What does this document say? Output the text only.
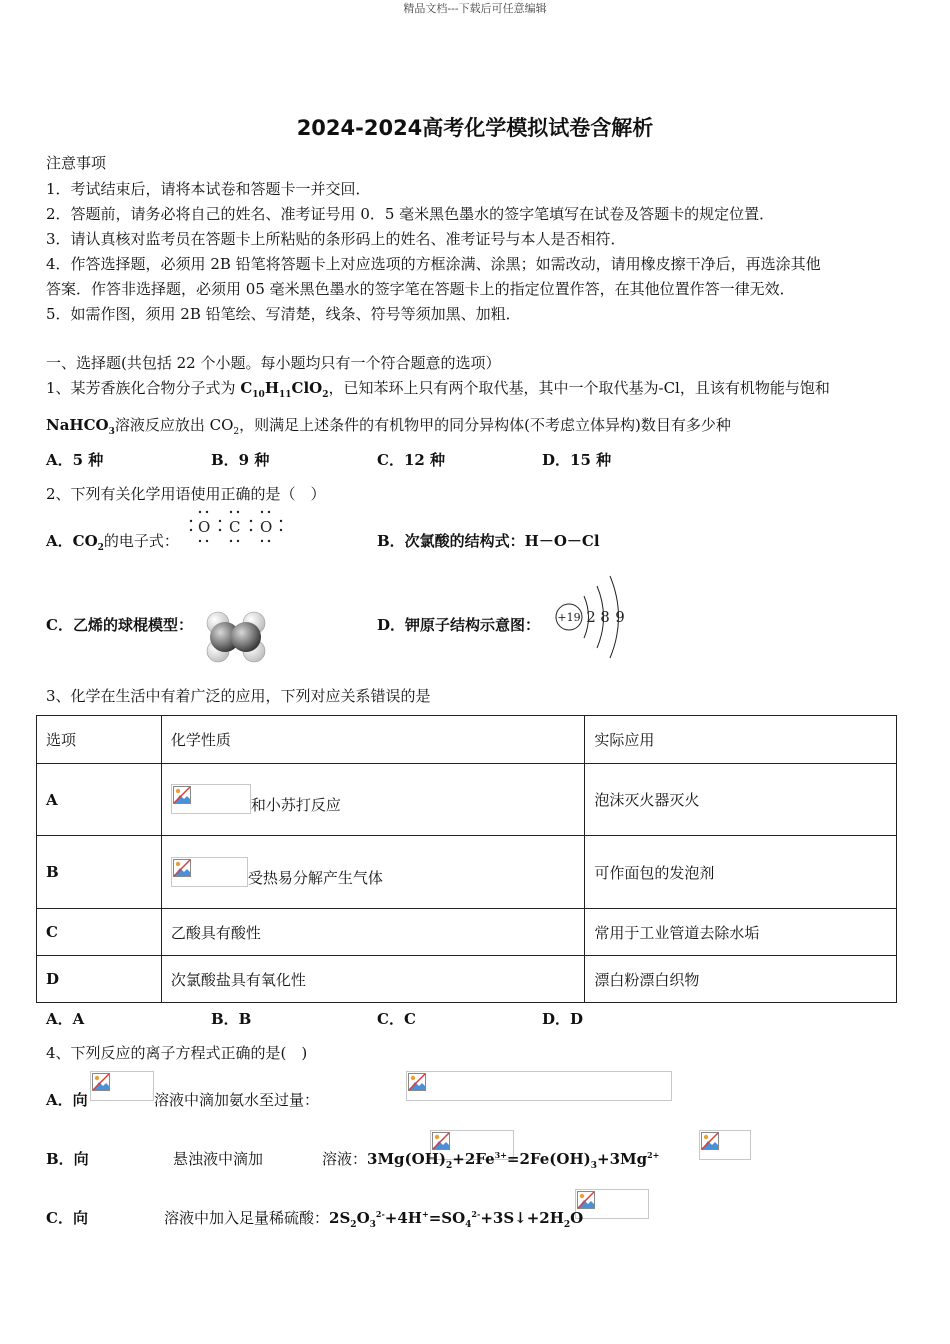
精品文档---下载后可任意编辑
2024-2024高考化学模拟试卷含解析
注意事项
1．考试结束后，请将本试卷和答题卡一并交回．
2．答题前，请务必将自己的姓名、准考证号用 0．5 毫米黑色墨水的签字笔填写在试卷及答题卡的规定位置．
3．请认真核对监考员在答题卡上所粘贴的条形码上的姓名、准考证号与本人是否相符．
4．作答选择题，必须用 2B 铅笔将答题卡上对应选项的方框涂满、涂黑；如需改动，请用橡皮擦干净后，再选涂其他
答案．作答非选择题，必须用 05 毫米黑色墨水的签字笔在答题卡上的指定位置作答，在其他位置作答一律无效．
5．如需作图，须用 2B 铅笔绘、写清楚，线条、符号等须加黑、加粗．
一、选择题(共包括 22 个小题。每小题均只有一个符合题意的选项）
1、某芳香族化合物分子式为 $C_{10}H_{11}ClO_2$，已知苯环上只有两个取代基，其中一个取代基为-Cl，且该有机物能与饱和
NaHCO$_3$溶液反应放出 $CO_2$，则满足上述条件的有机物甲的同分异构体(不考虑立体异构)数目有多少种
A．5 种	B．9 种	C．12 种	D．15 种
2、下列有关化学用语使用正确的是（　）
A．$CO_2$的电子式：
O C O
B．次氯酸的结构式：H－O－Cl
C．乙烯的球棍模型：	D．钾原子结构示意图： +19 2 8 9
3、化学在生活中有着广泛的应用，下列对应关系错误的是
选项	化学性质	实际应用
A	和小苏打反应	泡沫灭火器灭火
B	受热易分解产生气体	可作面包的发泡剂
C	乙酸具有酸性	常用于工业管道去除水垢
D	次氯酸盐具有氧化性	漂白粉漂白织物
A．A	B．B	C．C	D．D
4、下列反应的离子方程式正确的是(　)
A．向
	溶液中滴加氨水至过量：

B．向
	悬浊液中滴加
	溶液：$3Mg(OH)_2+2Fe^{3+}=2Fe(OH)_3+3Mg^{2+}$
C．向	溶液中加入足量稀硫酸：$2S_2O_3^{2-}+4H^+=SO_4^{2-}+3S↓+2H_2O$
